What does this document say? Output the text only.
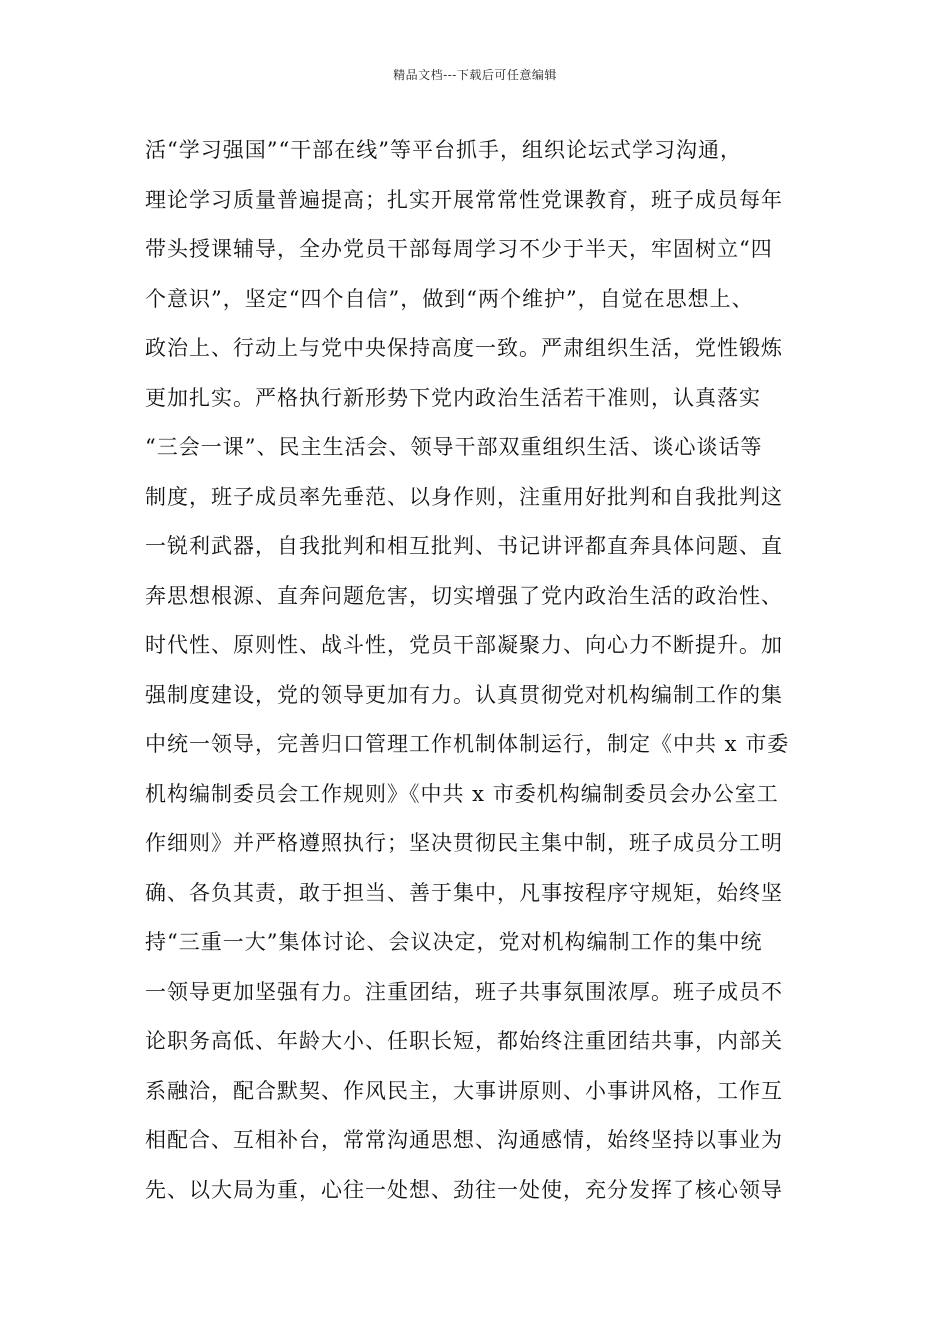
精品文档---下载后可任意编辑
活“学习强国”“干部在线”等平台抓手，组织论坛式学习沟通，
理论学习质量普遍提高；扎实开展常常性党课教育，班子成员每年
带头授课辅导，全办党员干部每周学习不少于半天，牢固树立“四
个意识”，坚定“四个自信”，做到“两个维护”，自觉在思想上、
政治上、行动上与党中央保持高度一致。严肃组织生活，党性锻炼
更加扎实。严格执行新形势下党内政治生活若干准则，认真落实
“三会一课”、民主生活会、领导干部双重组织生活、谈心谈话等
制度，班子成员率先垂范、以身作则，注重用好批判和自我批判这
一锐利武器，自我批判和相互批判、书记讲评都直奔具体问题、直
奔思想根源、直奔问题危害，切实增强了党内政治生活的政治性、
时代性、原则性、战斗性，党员干部凝聚力、向心力不断提升。加
强制度建设，党的领导更加有力。认真贯彻党对机构编制工作的集
中统一领导，完善归口管理工作机制体制运行，制定《中共 x 市委
机构编制委员会工作规则》《中共 x 市委机构编制委员会办公室工
作细则》并严格遵照执行；坚决贯彻民主集中制，班子成员分工明
确、各负其责，敢于担当、善于集中，凡事按程序守规矩，始终坚
持“三重一大”集体讨论、会议决定，党对机构编制工作的集中统
一领导更加坚强有力。注重团结，班子共事氛围浓厚。班子成员不
论职务高低、年龄大小、任职长短，都始终注重团结共事，内部关
系融洽，配合默契、作风民主，大事讲原则、小事讲风格，工作互
相配合、互相补台，常常沟通思想、沟通感情，始终坚持以事业为
先、以大局为重，心往一处想、劲往一处使，充分发挥了核心领导
